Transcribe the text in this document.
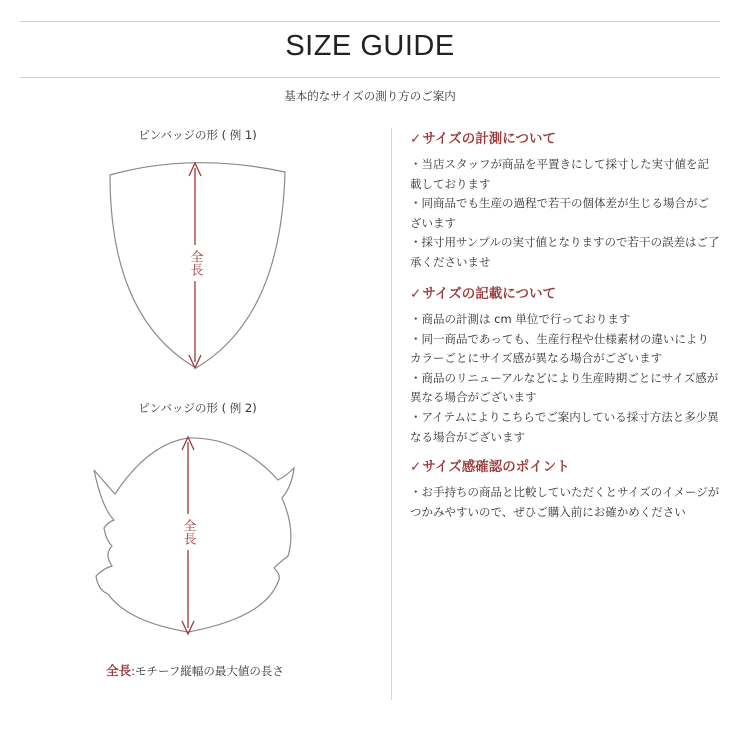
SIZE GUIDE
基本的なサイズの測り方のご案内
ピンバッジの形 ( 例 1)
全長
ピンバッジの形 ( 例 2)
全長
全長:モチーフ縦幅の最大値の長さ
✓サイズの計測について

・当店スタッフが商品を平置きにして採寸した実寸値を記載しております

・同商品でも生産の過程で若干の個体差が生じる場合がございます

・採寸用サンプルの実寸値となりますので若干の誤差はご了承くださいませ

✓サイズの記載について

・商品の計測は cm 単位で行っております

・同一商品であっても、生産行程や仕様素材の違いによりカラーごとにサイズ感が異なる場合がございます

・商品のリニューアルなどにより生産時期ごとにサイズ感が異なる場合がございます

・アイテムによりこちらでご案内している採寸方法と多少異なる場合がございます

✓サイズ感確認のポイント

・お手持ちの商品と比較していただくとサイズのイメージがつかみやすいので、ぜひご購入前にお確かめください
